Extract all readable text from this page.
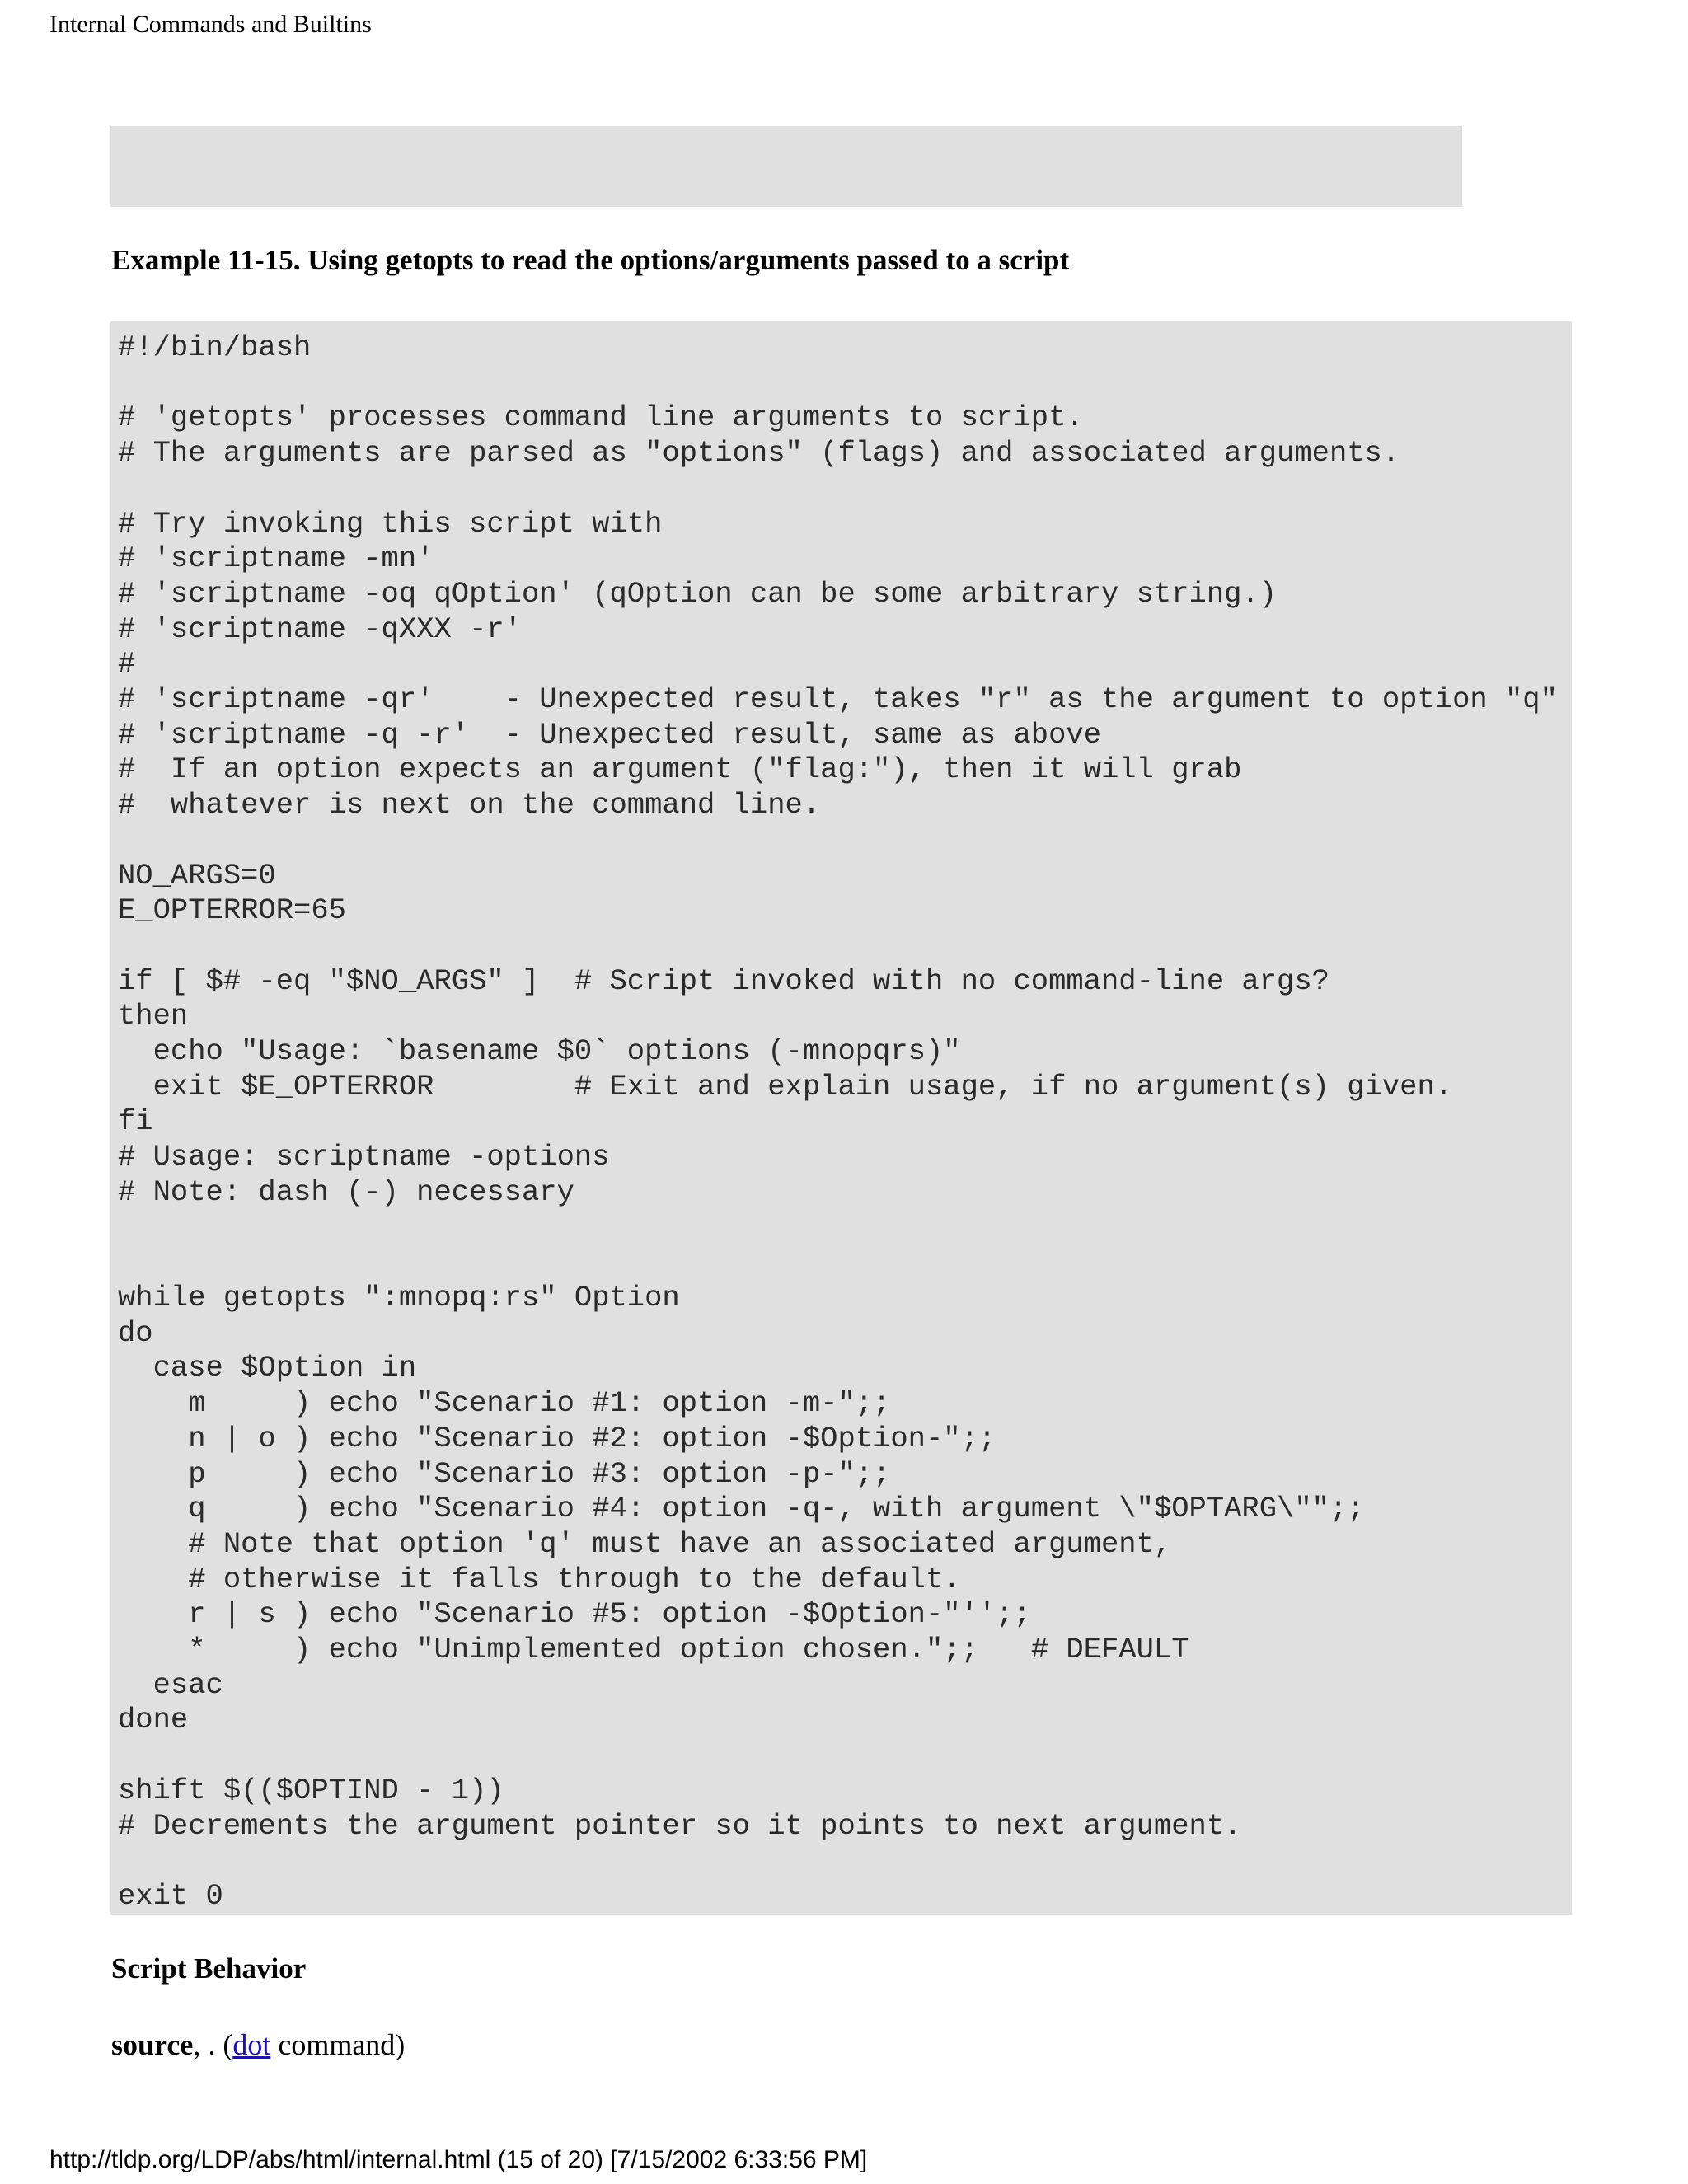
Internal Commands and Builtins
Example 11-15. Using getopts to read the options/arguments passed to a script
#!/bin/bash

# 'getopts' processes command line arguments to script.
# The arguments are parsed as "options" (flags) and associated arguments.

# Try invoking this script with
# 'scriptname -mn'
# 'scriptname -oq qOption' (qOption can be some arbitrary string.)
# 'scriptname -qXXX -r'
#
# 'scriptname -qr'    - Unexpected result, takes "r" as the argument to option "q"
# 'scriptname -q -r'  - Unexpected result, same as above
#  If an option expects an argument ("flag:"), then it will grab
#  whatever is next on the command line.

NO_ARGS=0
E_OPTERROR=65

if [ $# -eq "$NO_ARGS" ]  # Script invoked with no command-line args?
then
echo "Usage: `basename $0` options (-mnopqrs)"
exit $E_OPTERROR        # Exit and explain usage, if no argument(s) given.
fi
# Usage: scriptname -options
# Note: dash (-) necessary

while getopts ":mnopq:rs" Option
do
case $Option in
m     ) echo "Scenario #1: option -m-";;
n | o ) echo "Scenario #2: option -$Option-";;
p     ) echo "Scenario #3: option -p-";;
q     ) echo "Scenario #4: option -q-, with argument \"$OPTARG\"";;
# Note that option 'q' must have an associated argument,
# otherwise it falls through to the default.
r | s ) echo "Scenario #5: option -$Option-"'';;
*     ) echo "Unimplemented option chosen.";;   # DEFAULT
esac
done

shift $(($OPTIND - 1))
# Decrements the argument pointer so it points to next argument.

exit 0
Script Behavior
source, . (dot command)
http://tldp.org/LDP/abs/html/internal.html (15 of 20) [7/15/2002 6:33:56 PM]
